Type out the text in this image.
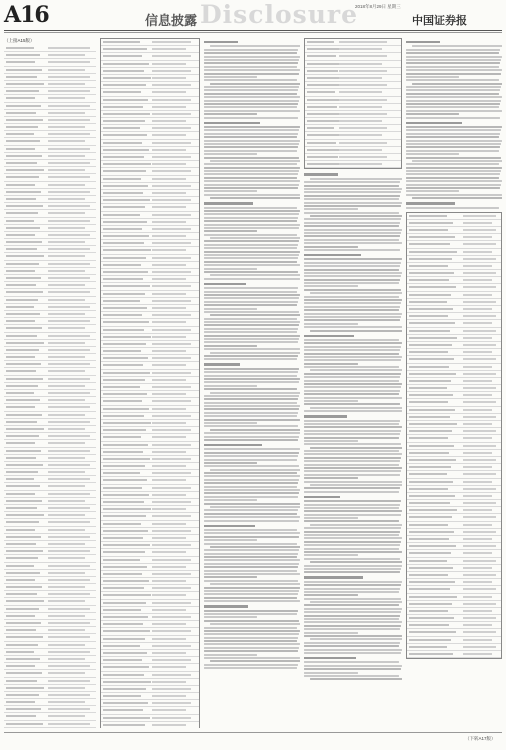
A16	信息披露 Disclosure
2018年8月29日 星期三
中国证券报
（上接A15版）
（下转A17版）
